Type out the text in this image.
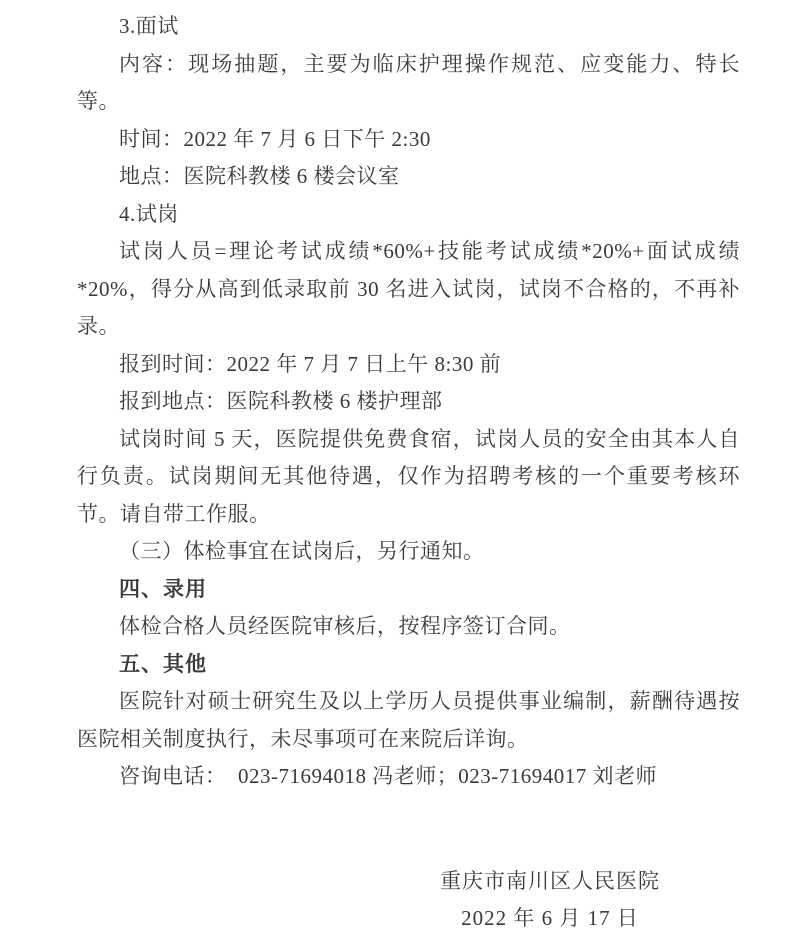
3.面试

内容：现场抽题，主要为临床护理操作规范、应变能力、特长等。

时间：2022 年 7 月 6 日下午 2:30

地点：医院科教楼 6 楼会议室

4.试岗

试岗人员=理论考试成绩*60%+技能考试成绩*20%+面试成绩*20%，得分从高到低录取前 30 名进入试岗，试岗不合格的，不再补录。

报到时间：2022 年 7 月 7 日上午 8:30 前

报到地点：医院科教楼 6 楼护理部

试岗时间 5 天，医院提供免费食宿，试岗人员的安全由其本人自行负责。试岗期间无其他待遇，仅作为招聘考核的一个重要考核环节。请自带工作服。

（三）体检事宜在试岗后，另行通知。

四、录用

体检合格人员经医院审核后，按程序签订合同。

五、其他

医院针对硕士研究生及以上学历人员提供事业编制，薪酬待遇按医院相关制度执行，未尽事项可在来院后详询。

咨询电话：  023-71694018 冯老师；023-71694017 刘老师

重庆市南川区人民医院
2022 年 6 月 17 日
